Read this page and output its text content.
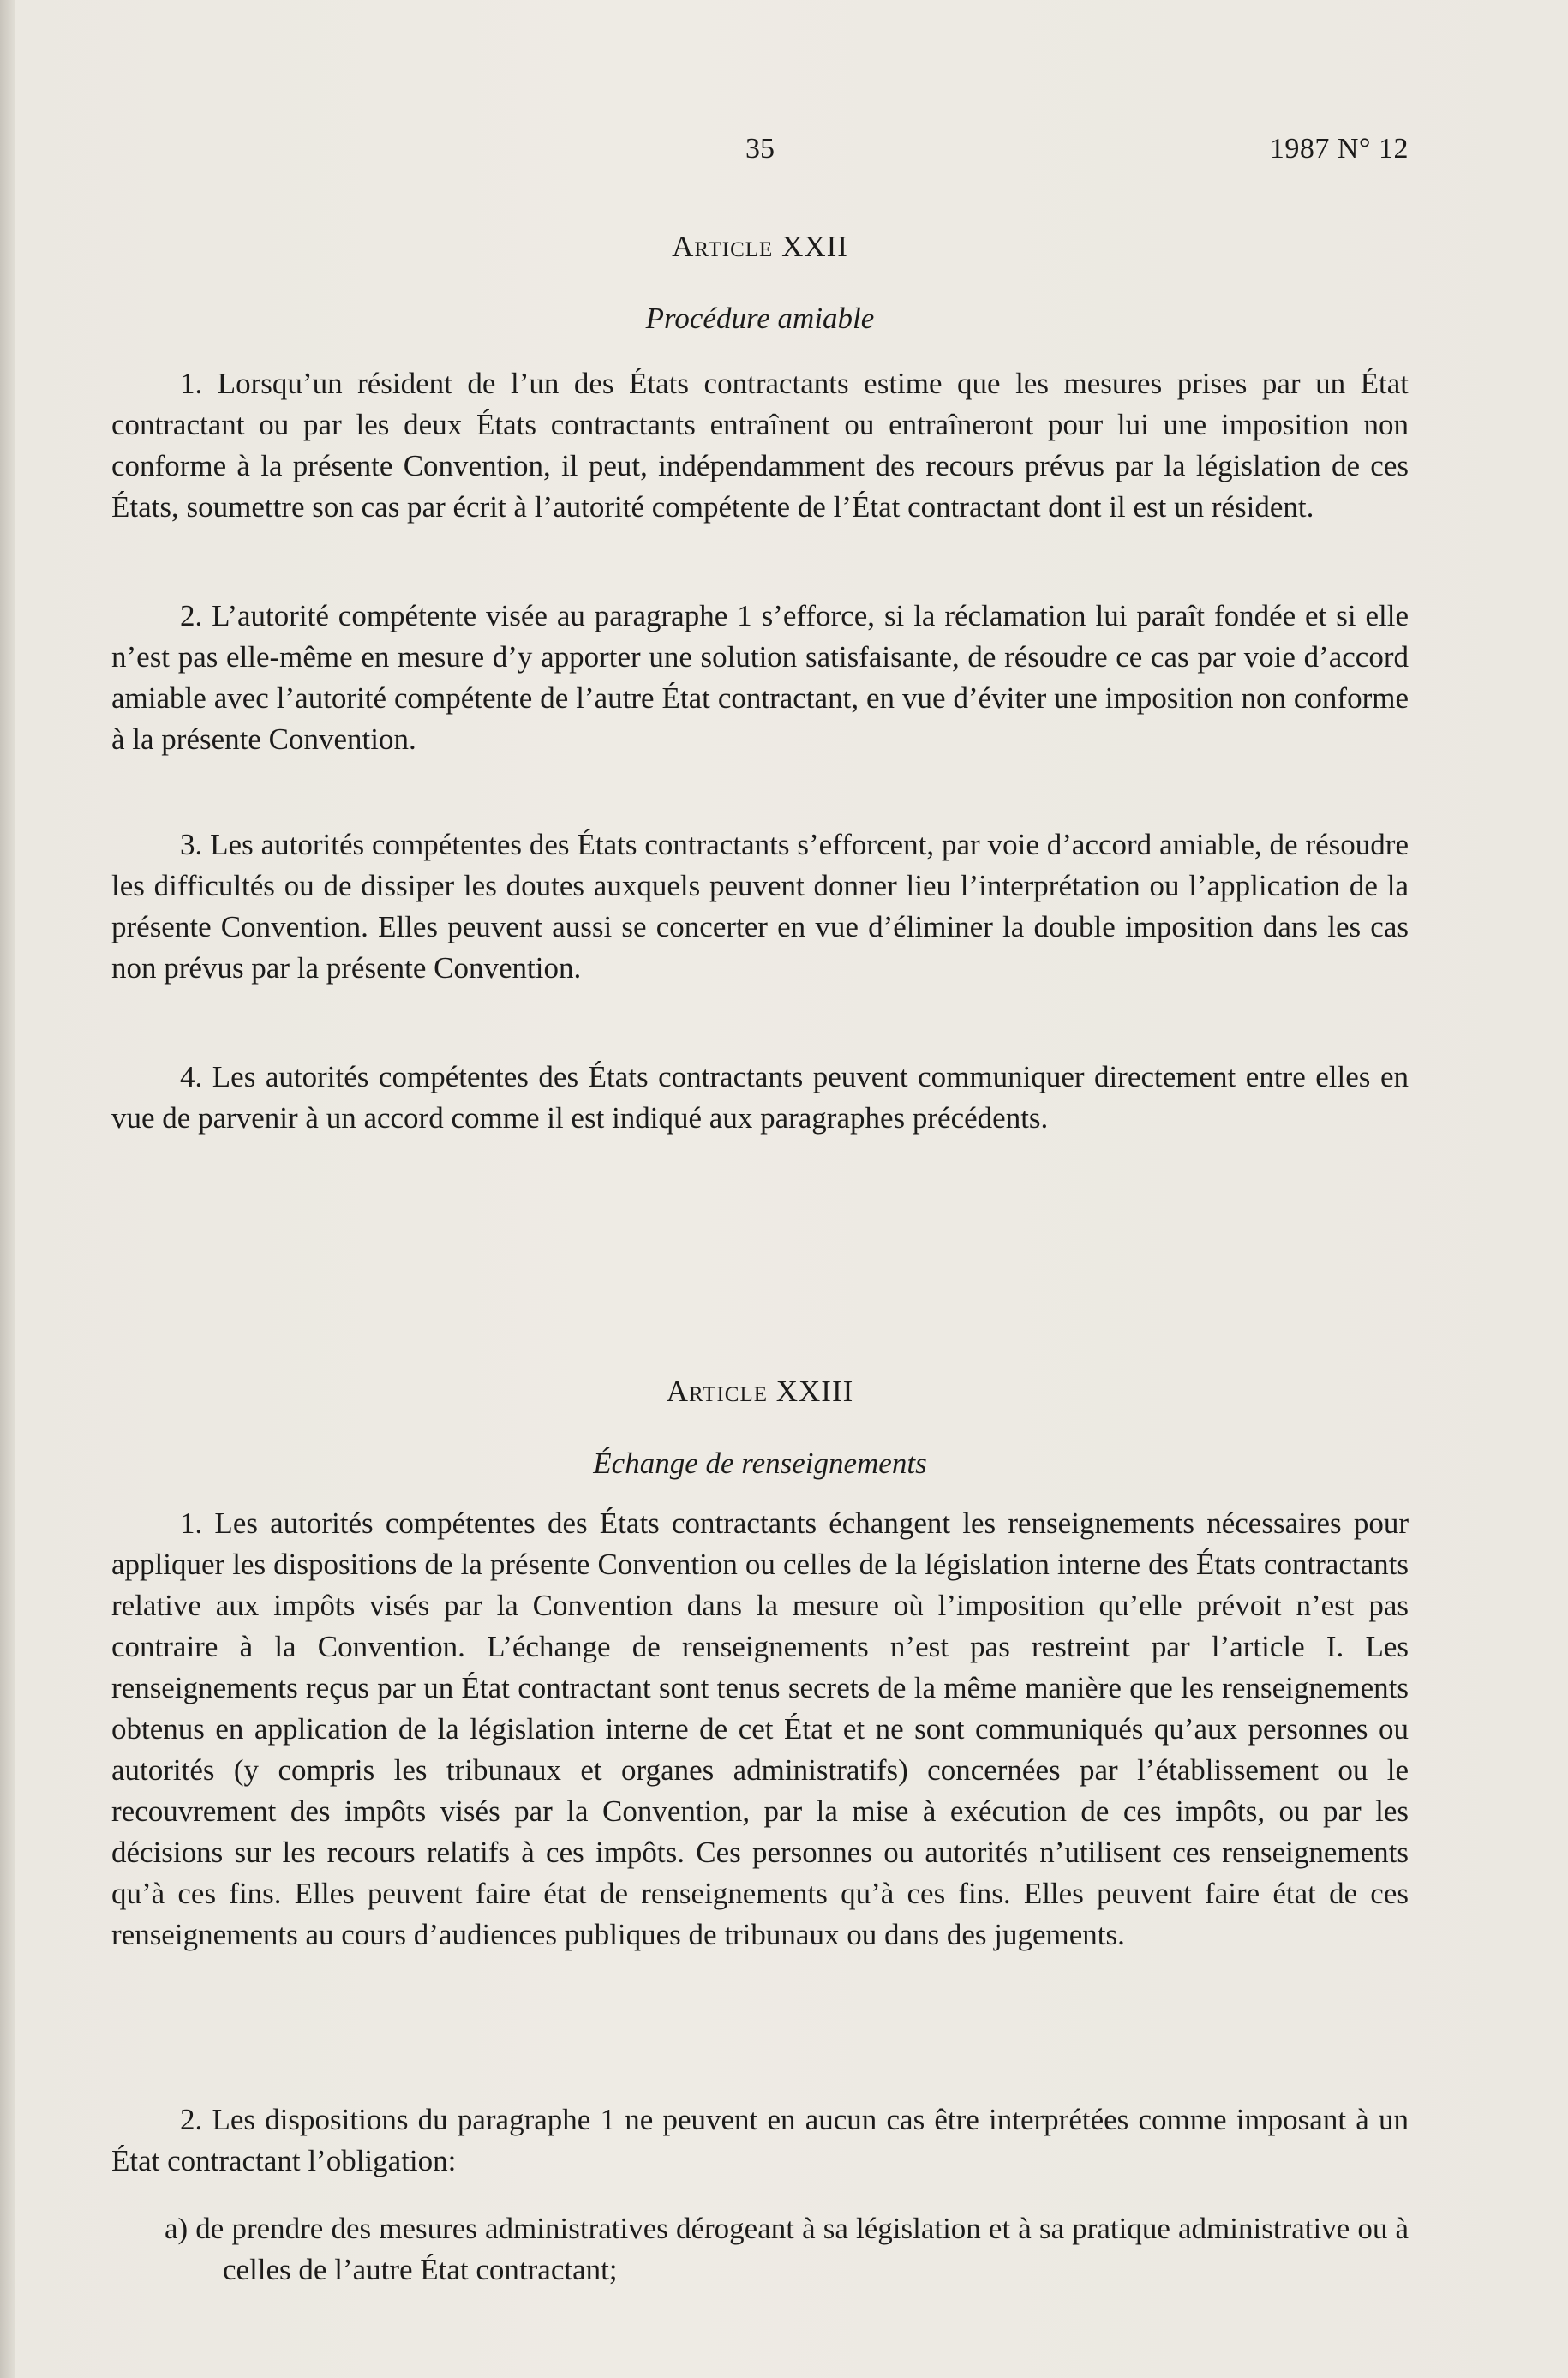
35	1987 N° 12

Article XXII

Procédure amiable

1. Lorsqu’un résident de l’un des États contractants estime que les mesures prises par un État contractant ou par les deux États contractants entraînent ou entraîneront pour lui une imposition non conforme à la présente Convention, il peut, indépendamment des recours prévus par la législation de ces États, soumettre son cas par écrit à l’autorité compétente de l’État contractant dont il est un résident.

2. L’autorité compétente visée au paragraphe 1 s’efforce, si la réclamation lui paraît fondée et si elle n’est pas elle-même en mesure d’y apporter une solution satisfaisante, de résoudre ce cas par voie d’accord amiable avec l’autorité compétente de l’autre État contractant, en vue d’éviter une imposition non conforme à la présente Convention.

3. Les autorités compétentes des États contractants s’efforcent, par voie d’accord amiable, de résoudre les difficultés ou de dissiper les doutes auxquels peuvent donner lieu l’interprétation ou l’application de la présente Convention. Elles peuvent aussi se concerter en vue d’éliminer la double imposition dans les cas non prévus par la présente Convention.

4. Les autorités compétentes des États contractants peuvent communiquer directement entre elles en vue de parvenir à un accord comme il est indiqué aux paragraphes précédents.

Article XXIII

Échange de renseignements

1. Les autorités compétentes des États contractants échangent les renseignements nécessaires pour appliquer les dispositions de la présente Convention ou celles de la législation interne des États contractants relative aux impôts visés par la Convention dans la mesure où l’imposition qu’elle prévoit n’est pas contraire à la Convention. L’échange de renseignements n’est pas restreint par l’article I. Les renseignements reçus par un État contractant sont tenus secrets de la même manière que les renseignements obtenus en application de la législation interne de cet État et ne sont communiqués qu’aux personnes ou autorités (y compris les tribunaux et organes administratifs) concernées par l’établissement ou le recouvrement des impôts visés par la Convention, par la mise à exécution de ces impôts, ou par les décisions sur les recours relatifs à ces impôts. Ces personnes ou autorités n’utilisent ces renseignements qu’à ces fins. Elles peuvent faire état de renseignements qu’à ces fins. Elles peuvent faire état de ces renseignements au cours d’audiences publiques de tribunaux ou dans des jugements.

2. Les dispositions du paragraphe 1 ne peuvent en aucun cas être interprétées comme imposant à un État contractant l’obligation:

a) de prendre des mesures administratives dérogeant à sa législation et à sa pratique administrative ou à celles de l’autre État contractant;
